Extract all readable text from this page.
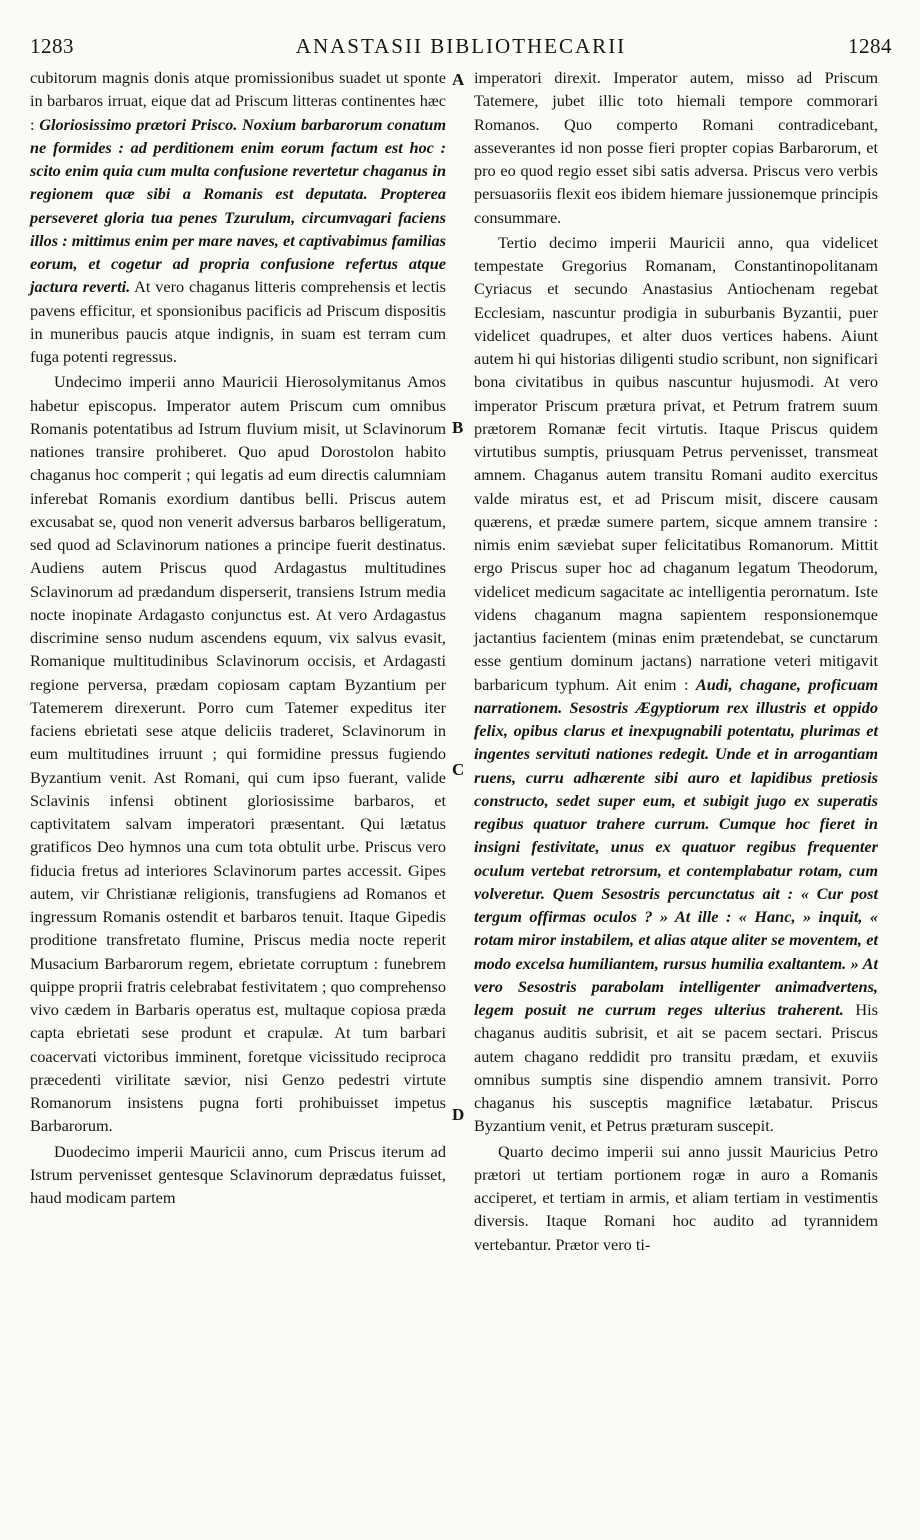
1283	ANASTASII BIBLIOTHECARII	1284

cubitorum magnis donis atque promissionibus suadet ut sponte in barbaros irruat, eique dat ad Priscum litteras continentes hæc : Gloriosissimo prætori Prisco. Noxium barbarorum conatum ne formides : ad perditionem enim eorum factum est hoc : scito enim quia cum multa confusione revertetur chaganus in regionem quæ sibi a Romanis est deputata. Propterea perseveret gloria tua penes Tzurulum, circumvagari faciens illos : mittimus enim per mare naves, et captivabimus familias eorum, et cogetur ad propria confusione refertus atque jactura reverti. At vero chaganus litteris comprehensis et lectis pavens efficitur, et sponsionibus pacificis ad Priscum dispositis in muneribus paucis atque indignis, in suam est terram cum fuga potenti regressus.

Undecimo imperii anno Mauricii Hierosolymitanus Amos habetur episcopus. Imperator autem Priscum cum omnibus Romanis potentatibus ad Istrum fluvium misit, ut Sclavinorum nationes transire prohiberet. Quo apud Dorostolon habito chaganus hoc comperit ; qui legatis ad eum directis calumniam inferebat Romanis exordium dantibus belli. Priscus autem excusabat se, quod non venerit adversus barbaros belligeratum, sed quod ad Sclavinorum nationes a principe fuerit destinatus. Audiens autem Priscus quod Ardagastus multitudines Sclavinorum ad prædandum disperserit, transiens Istrum media nocte inopinate Ardagasto conjunctus est. At vero Ardagastus discrimine senso nudum ascendens equum, vix salvus evasit, Romanique multitudinibus Sclavinorum occisis, et Ardagasti regione perversa, prædam copiosam captam Byzantium per Tatemerem direxerunt. Porro cum Tatemer expeditus iter faciens ebrietati sese atque deliciis traderet, Sclavinorum in eum multitudines irruunt ; qui formidine pressus fugiendo Byzantium venit. Ast Romani, qui cum ipso fuerant, valide Sclavinis infensi obtinent gloriosissime barbaros, et captivitatem salvam imperatori præsentant. Qui lætatus gratificos Deo hymnos una cum tota obtulit urbe. Priscus vero fiducia fretus ad interiores Sclavinorum partes accessit. Gipes autem, vir Christianæ religionis, transfugiens ad Romanos et ingressum Romanis ostendit et barbaros tenuit. Itaque Gipedis proditione transfretato flumine, Priscus media nocte reperit Musacium Barbarorum regem, ebrietate corruptum : funebrem quippe proprii fratris celebrabat festivitatem ; quo comprehenso vivo cædem in Barbaris operatus est, multaque copiosa præda capta ebrietati sese produnt et crapulæ. At tum barbari coacervati victoribus imminent, foretque vicissitudo reciproca præcedenti virilitate sævior, nisi Genzo pedestri virtute Romanorum insistens pugna forti prohibuisset impetus Barbarorum.

Duodecimo imperii Mauricii anno, cum Priscus iterum ad Istrum pervenisset gentesque Sclavinorum deprædatus fuisset, haud modicam partem

imperatori direxit. Imperator autem, misso ad Priscum Tatemere, jubet illic toto hiemali tempore commorari Romanos. Quo comperto Romani contradicebant, asseverantes id non posse fieri propter copias Barbarorum, et pro eo quod regio esset sibi satis adversa. Priscus vero verbis persuasoriis flexit eos ibidem hiemare jussionemque principis consummare.

Tertio decimo imperii Mauricii anno, qua videlicet tempestate Gregorius Romanam, Constantinopolitanam Cyriacus et secundo Anastasius Antiochenam regebat Ecclesiam, nascuntur prodigia in suburbanis Byzantii, puer videlicet quadrupes, et alter duos vertices habens. Aiunt autem hi qui historias diligenti studio scribunt, non significari bona civitatibus in quibus nascuntur hujusmodi. At vero imperator Priscum prætura privat, et Petrum fratrem suum prætorem Romanæ fecit virtutis. Itaque Priscus quidem virtutibus sumptis, priusquam Petrus pervenisset, transmeat amnem. Chaganus autem transitu Romani audito exercitus valde miratus est, et ad Priscum misit, discere causam quærens, et prædæ sumere partem, sicque amnem transire : nimis enim sæviebat super felicitatibus Romanorum. Mittit ergo Priscus super hoc ad chaganum legatum Theodorum, videlicet medicum sagacitate ac intelligentia perornatum. Iste videns chaganum magna sapientem responsionemque jactantius facientem (minas enim prætendebat, se cunctarum esse gentium dominum jactans) narratione veteri mitigavit barbaricum typhum. Ait enim : Audi, chagane, proficuam narrationem. Sesostris Ægyptiorum rex illustris et oppido felix, opibus clarus et inexpugnabili potentatu, plurimas et ingentes servituti nationes redegit. Unde et in arrogantiam ruens, curru adhærente sibi auro et lapidibus pretiosis constructo, sedet super eum, et subigit jugo ex superatis regibus quatuor trahere currum. Cumque hoc fieret in insigni festivitate, unus ex quatuor regibus frequenter oculum vertebat retrorsum, et contemplabatur rotam, cum volveretur. Quem Sesostris percunctatus ait : « Cur post tergum offirmas oculos ? » At ille : « Hanc, » inquit, « rotam miror instabilem, et alias atque aliter se moventem, et modo excelsa humiliantem, rursus humilia exaltantem. » At vero Sesostris parabolam intelligenter animadvertens, legem posuit ne currum reges ulterius traherent. His chaganus auditis subrisit, et ait se pacem sectari. Priscus autem chagano reddidit pro transitu prædam, et exuviis omnibus sumptis sine dispendio amnem transivit. Porro chaganus his susceptis magnifice lætabatur. Priscus Byzantium venit, et Petrus præturam suscepit.

Quarto decimo imperii sui anno jussit Mauricius Petro prætori ut tertiam portionem rogæ in auro a Romanis acciperet, et tertiam in armis, et aliam tertiam in vestimentis diversis. Itaque Romani hoc audito ad tyrannidem vertebantur. Prætor vero ti-

A
B
C
D
